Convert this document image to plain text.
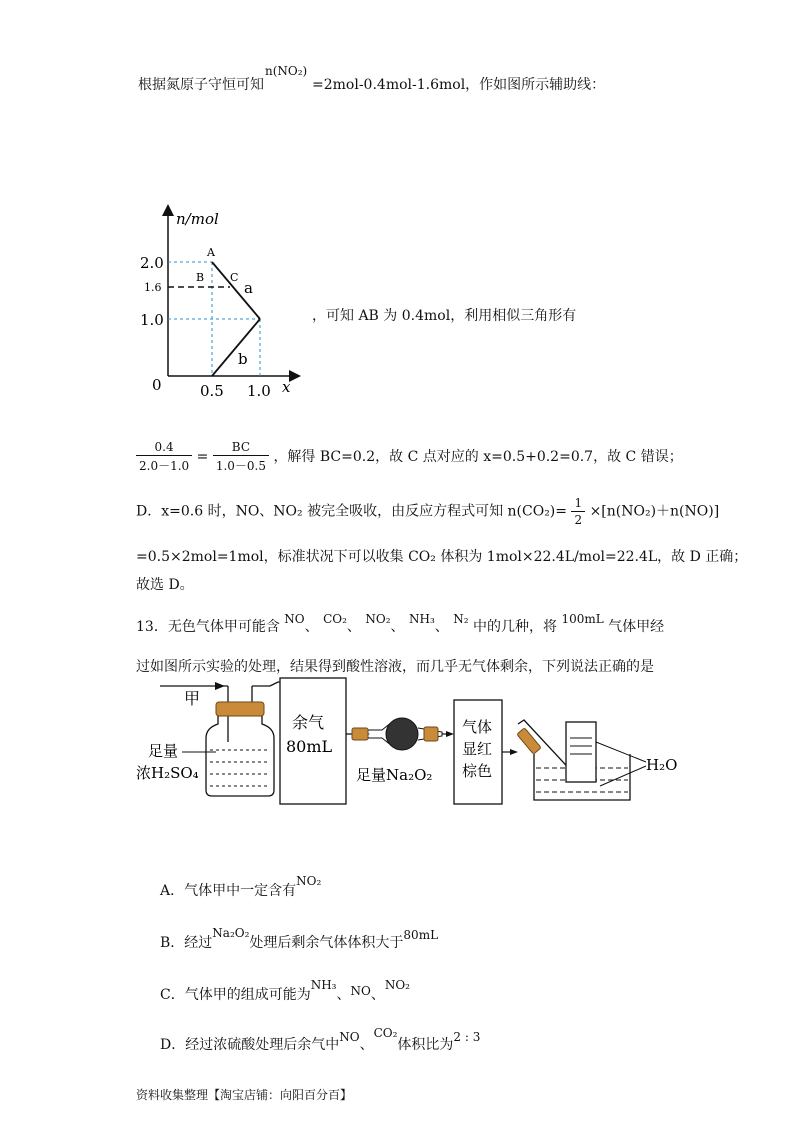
根据氮原子守恒可知
n(NO₂)
=2mol-0.4mol-1.6mol，作如图所示辅助线：
n/mol
x
2.0
1.6
1.0
0	0.5 1.0
A
B C
a
b
，可知 AB 为 0.4mol，利用相似三角形有
$\frac{0.4}{2.0-1.0} = \frac{BC}{1.0-0.5}$ ，解得 BC=0.2，故 C 点对应的 x=0.5+0.2=0.7，故 C 错误；
D．x=0.6 时，NO、NO₂ 被完全吸收，由反应方程式可知 $n(CO_2)= \frac{1}{2} \times[n(NO_2)+n(NO)]$
=0.5×2mol=1mol，标准状况下可以收集 CO₂ 体积为 1mol×22.4L/mol=22.4L，故 D 正确；
故选 D。
13．无色气体甲可能含 NO、 CO₂、 NO₂、 NH₃、 N₂ 中的几种，将 100mL 气体甲经
过如图所示实验的处理，结果得到酸性溶液，而几乎无气体剩余，下列说法正确的是
甲
足量
浓H₂SO₄
余气
80mL
足量Na₂O₂
气体
显红
棕色	H₂O
A．气体甲中一定含有NO₂
B．经过Na₂O₂处理后剩余气体体积大于80mL
C．气体甲的组成可能为NH₃、NO、NO₂
D．经过浓硫酸处理后余气中NO、CO₂体积比为2 : 3
资料收集整理【淘宝店铺：向阳百分百】
